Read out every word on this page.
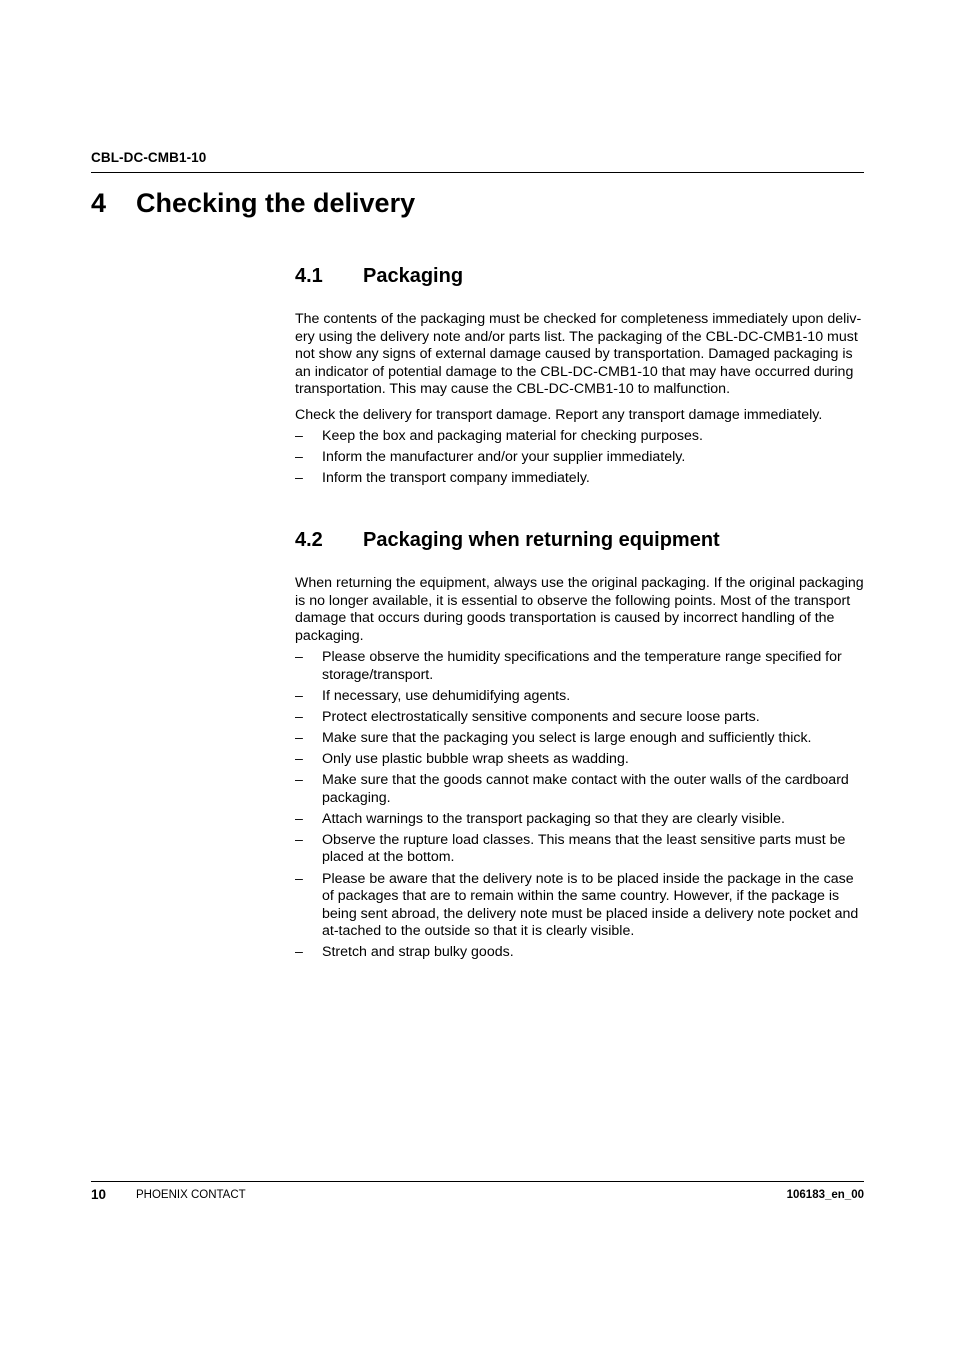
CBL-DC-CMB1-10
4 Checking the delivery
4.1 Packaging

The contents of the packaging must be checked for completeness immediately upon deliv-ery using the delivery note and/or parts list. The packaging of the CBL-DC-CMB1-10 must not show any signs of external damage caused by transportation. Damaged packaging is an indicator of potential damage to the CBL-DC-CMB1-10 that may have occurred during transportation. This may cause the CBL-DC-CMB1-10 to malfunction.

Check the delivery for transport damage. Report any transport damage immediately.

– Keep the box and packaging material for checking purposes.
– Inform the manufacturer and/or your supplier immediately.
– Inform the transport company immediately.
4.2 Packaging when returning equipment

When returning the equipment, always use the original packaging. If the original packaging is no longer available, it is essential to observe the following points. Most of the transport damage that occurs during goods transportation is caused by incorrect handling of the packaging.

– Please observe the humidity specifications and the temperature range specified for storage/transport.
– If necessary, use dehumidifying agents.
– Protect electrostatically sensitive components and secure loose parts.
– Make sure that the packaging you select is large enough and sufficiently thick.
– Only use plastic bubble wrap sheets as wadding.
– Make sure that the goods cannot make contact with the outer walls of the cardboard packaging.
– Attach warnings to the transport packaging so that they are clearly visible.
– Observe the rupture load classes. This means that the least sensitive parts must be placed at the bottom.
– Please be aware that the delivery note is to be placed inside the package in the case of packages that are to remain within the same country. However, if the package is being sent abroad, the delivery note must be placed inside a delivery note pocket and at-tached to the outside so that it is clearly visible.
– Stretch and strap bulky goods.
10	PHOENIX CONTACT	106183_en_00
